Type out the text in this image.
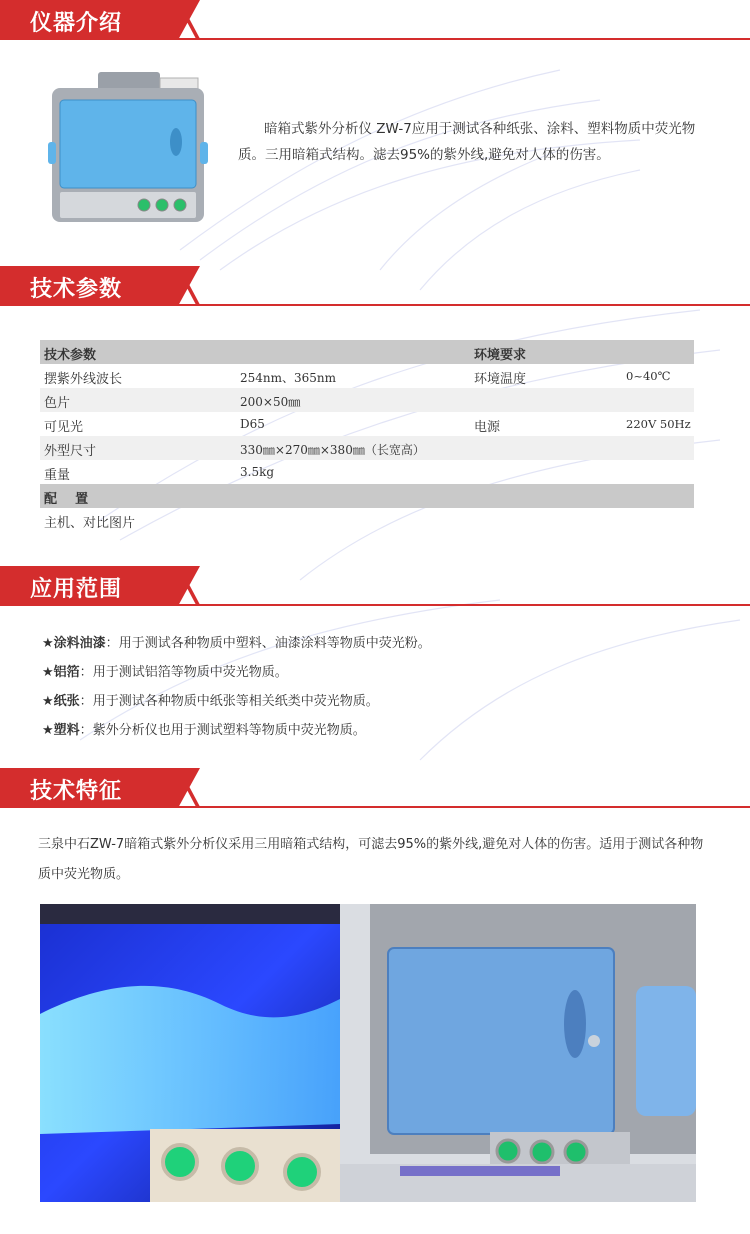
仪器介绍
暗箱式紫外分析仪 ZW-7应用于测试各种纸张、涂料、塑料物质中荧光物质。三用暗箱式结构。滤去95%的紫外线,避免对人体的伤害。
技术参数
技术参数	环境要求
摆紫外线波长	254nm、365nm	环境温度	0~40℃
色片	200×50㎜
可见光	D65	电源	220V 50Hz
外型尺寸	330㎜×270㎜×380㎜（长宽高）
重量	3.5kg
配    置
主机、对比图片
应用范围
★涂料油漆：用于测试各种物质中塑料、油漆涂料等物质中荧光粉。
★铝箔：用于测试铝箔等物质中荧光物质。
★纸张：用于测试各种物质中纸张等相关纸类中荧光物质。
★塑料：紫外分析仪也用于测试塑料等物质中荧光物质。
技术特征
三泉中石ZW-7暗箱式紫外分析仪采用三用暗箱式结构，可滤去95%的紫外线,避免对人体的伤害。适用于测试各种物质中荧光物质。
